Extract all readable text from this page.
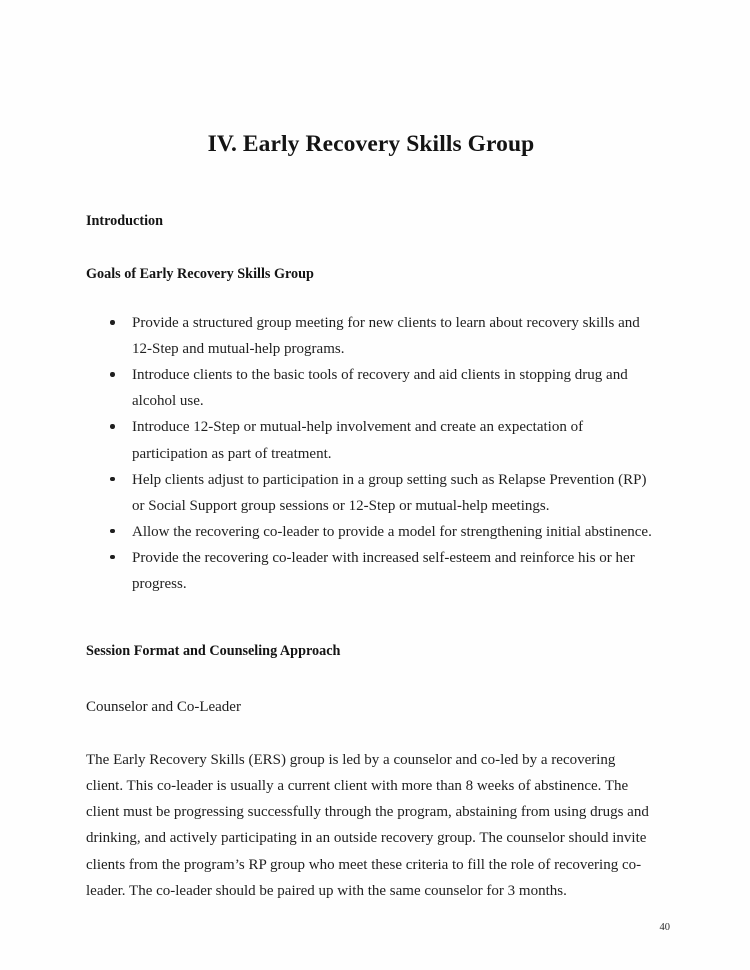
IV. Early Recovery Skills Group
Introduction
Goals of Early Recovery Skills Group
Provide a structured group meeting for new clients to learn about recovery skills and 12-Step and mutual-help programs.
Introduce clients to the basic tools of recovery and aid clients in stopping drug and alcohol use.
Introduce 12-Step or mutual-help involvement and create an expectation of participation as part of treatment.
Help clients adjust to participation in a group setting such as Relapse Prevention (RP) or Social Support group sessions or 12-Step or mutual-help meetings.
Allow the recovering co-leader to provide a model for strengthening initial abstinence.
Provide the recovering co-leader with increased self-esteem and reinforce his or her progress.
Session Format and Counseling Approach
Counselor and Co-Leader

The Early Recovery Skills (ERS) group is led by a counselor and co-led by a recovering client. This co-leader is usually a current client with more than 8 weeks of abstinence. The client must be progressing successfully through the program, abstaining from using drugs and drinking, and actively participating in an outside recovery group. The counselor should invite clients from the program’s RP group who meet these criteria to fill the role of recovering co-leader. The co-leader should be paired up with the same counselor for 3 months.

40
